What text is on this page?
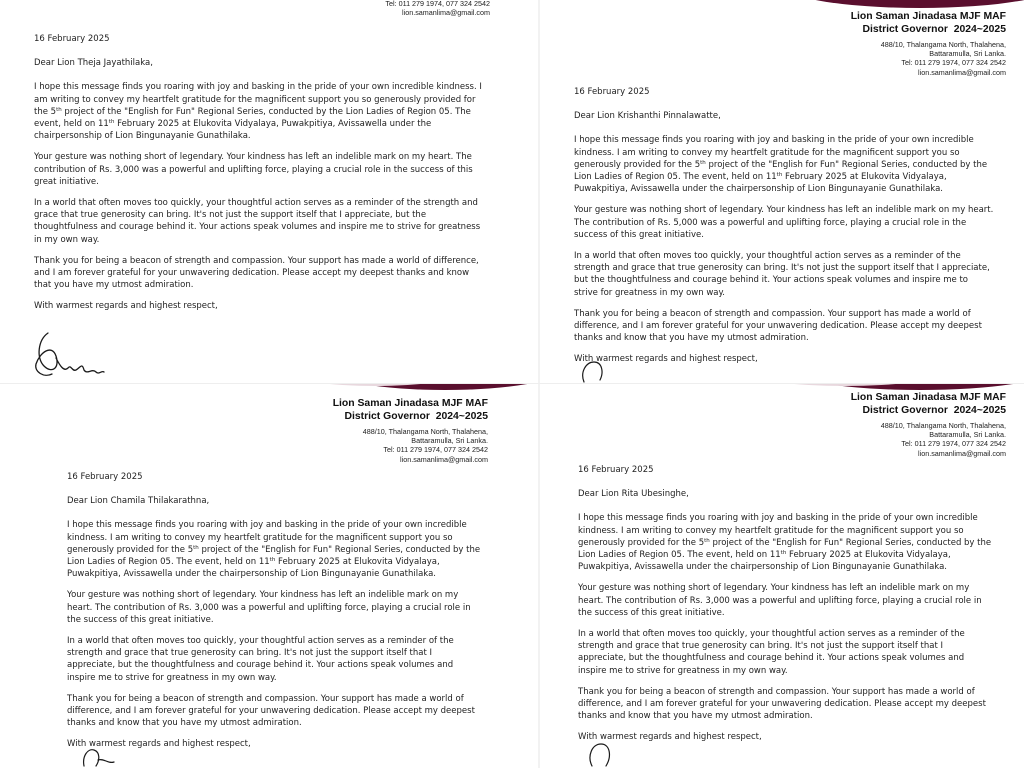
Tel: 011 279 1974, 077 324 2542
lion.samanlima@gmail.com

16 February 2025

Dear Lion Theja Jayathilaka,

I hope this message finds you roaring with joy and basking in the pride of your own incredible kindness. I am writing to convey my heartfelt gratitude for the magnificent support you so generously provided for the 5th project of the "English for Fun" Regional Series, conducted by the Lion Ladies of Region 05. The event, held on 11th February 2025 at Elukovita Vidyalaya, Puwakpitiya, Avissawella under the chairpersonship of Lion Bingunayanie Gunathilaka.

Your gesture was nothing short of legendary. Your kindness has left an indelible mark on my heart. The contribution of Rs. 3,000 was a powerful and uplifting force, playing a crucial role in the success of this great initiative.

In a world that often moves too quickly, your thoughtful action serves as a reminder of the strength and grace that true generosity can bring. It's not just the support itself that I appreciate, but the thoughtfulness and courage behind it. Your actions speak volumes and inspire me to strive for greatness in my own way.

Thank you for being a beacon of strength and compassion. Your support has made a world of difference, and I am forever grateful for your unwavering dedication. Please accept my deepest thanks and know that you have my utmost admiration.

With warmest regards and highest respect,

Lion Saman Jinadasa MJF MAF
District Governor  2024~2025
488/10, Thalangama North, Thalahena,
Battaramulla, Sri Lanka.
Tel: 011 279 1974, 077 324 2542
lion.samanlima@gmail.com

16 February 2025

Dear Lion Krishanthi Pinnalawatte,

I hope this message finds you roaring with joy and basking in the pride of your own incredible kindness. I am writing to convey my heartfelt gratitude for the magnificent support you so generously provided for the 5th project of the "English for Fun" Regional Series, conducted by the Lion Ladies of Region 05. The event, held on 11th February 2025 at Elukovita Vidyalaya, Puwakpitiya, Avissawella under the chairpersonship of Lion Bingunayanie Gunathilaka.

Your gesture was nothing short of legendary. Your kindness has left an indelible mark on my heart. The contribution of Rs. 5,000 was a powerful and uplifting force, playing a crucial role in the success of this great initiative.

In a world that often moves too quickly, your thoughtful action serves as a reminder of the strength and grace that true generosity can bring. It's not just the support itself that I appreciate, but the thoughtfulness and courage behind it. Your actions speak volumes and inspire me to strive for greatness in my own way.

Thank you for being a beacon of strength and compassion. Your support has made a world of difference, and I am forever grateful for your unwavering dedication. Please accept my deepest thanks and know that you have my utmost admiration.

With warmest regards and highest respect,

Lion Saman Jinadasa MJF MAF
District Governor  2024~2025
488/10, Thalangama North, Thalahena,
Battaramulla, Sri Lanka.
Tel: 011 279 1974, 077 324 2542
lion.samanlima@gmail.com

16 February 2025

Dear Lion Chamila Thilakarathna,

I hope this message finds you roaring with joy and basking in the pride of your own incredible kindness. I am writing to convey my heartfelt gratitude for the magnificent support you so generously provided for the 5th project of the "English for Fun" Regional Series, conducted by the Lion Ladies of Region 05. The event, held on 11th February 2025 at Elukovita Vidyalaya, Puwakpitiya, Avissawella under the chairpersonship of Lion Bingunayanie Gunathilaka.

Your gesture was nothing short of legendary. Your kindness has left an indelible mark on my heart. The contribution of Rs. 3,000 was a powerful and uplifting force, playing a crucial role in the success of this great initiative.

In a world that often moves too quickly, your thoughtful action serves as a reminder of the strength and grace that true generosity can bring. It's not just the support itself that I appreciate, but the thoughtfulness and courage behind it. Your actions speak volumes and inspire me to strive for greatness in my own way.

Thank you for being a beacon of strength and compassion. Your support has made a world of difference, and I am forever grateful for your unwavering dedication. Please accept my deepest thanks and know that you have my utmost admiration.

With warmest regards and highest respect,

Lion Saman Jinadasa MJF MAF
District Governor  2024~2025
488/10, Thalangama North, Thalahena,
Battaramulla, Sri Lanka.
Tel: 011 279 1974, 077 324 2542
lion.samanlima@gmail.com

16 February 2025

Dear Lion Rita Ubesinghe,

I hope this message finds you roaring with joy and basking in the pride of your own incredible kindness. I am writing to convey my heartfelt gratitude for the magnificent support you so generously provided for the 5th project of the "English for Fun" Regional Series, conducted by the Lion Ladies of Region 05. The event, held on 11th February 2025 at Elukovita Vidyalaya, Puwakpitiya, Avissawella under the chairpersonship of Lion Bingunayanie Gunathilaka.

Your gesture was nothing short of legendary. Your kindness has left an indelible mark on my heart. The contribution of Rs. 3,000 was a powerful and uplifting force, playing a crucial role in the success of this great initiative.

In a world that often moves too quickly, your thoughtful action serves as a reminder of the strength and grace that true generosity can bring. It's not just the support itself that I appreciate, but the thoughtfulness and courage behind it. Your actions speak volumes and inspire me to strive for greatness in my own way.

Thank you for being a beacon of strength and compassion. Your support has made a world of difference, and I am forever grateful for your unwavering dedication. Please accept my deepest thanks and know that you have my utmost admiration.

With warmest regards and highest respect,
